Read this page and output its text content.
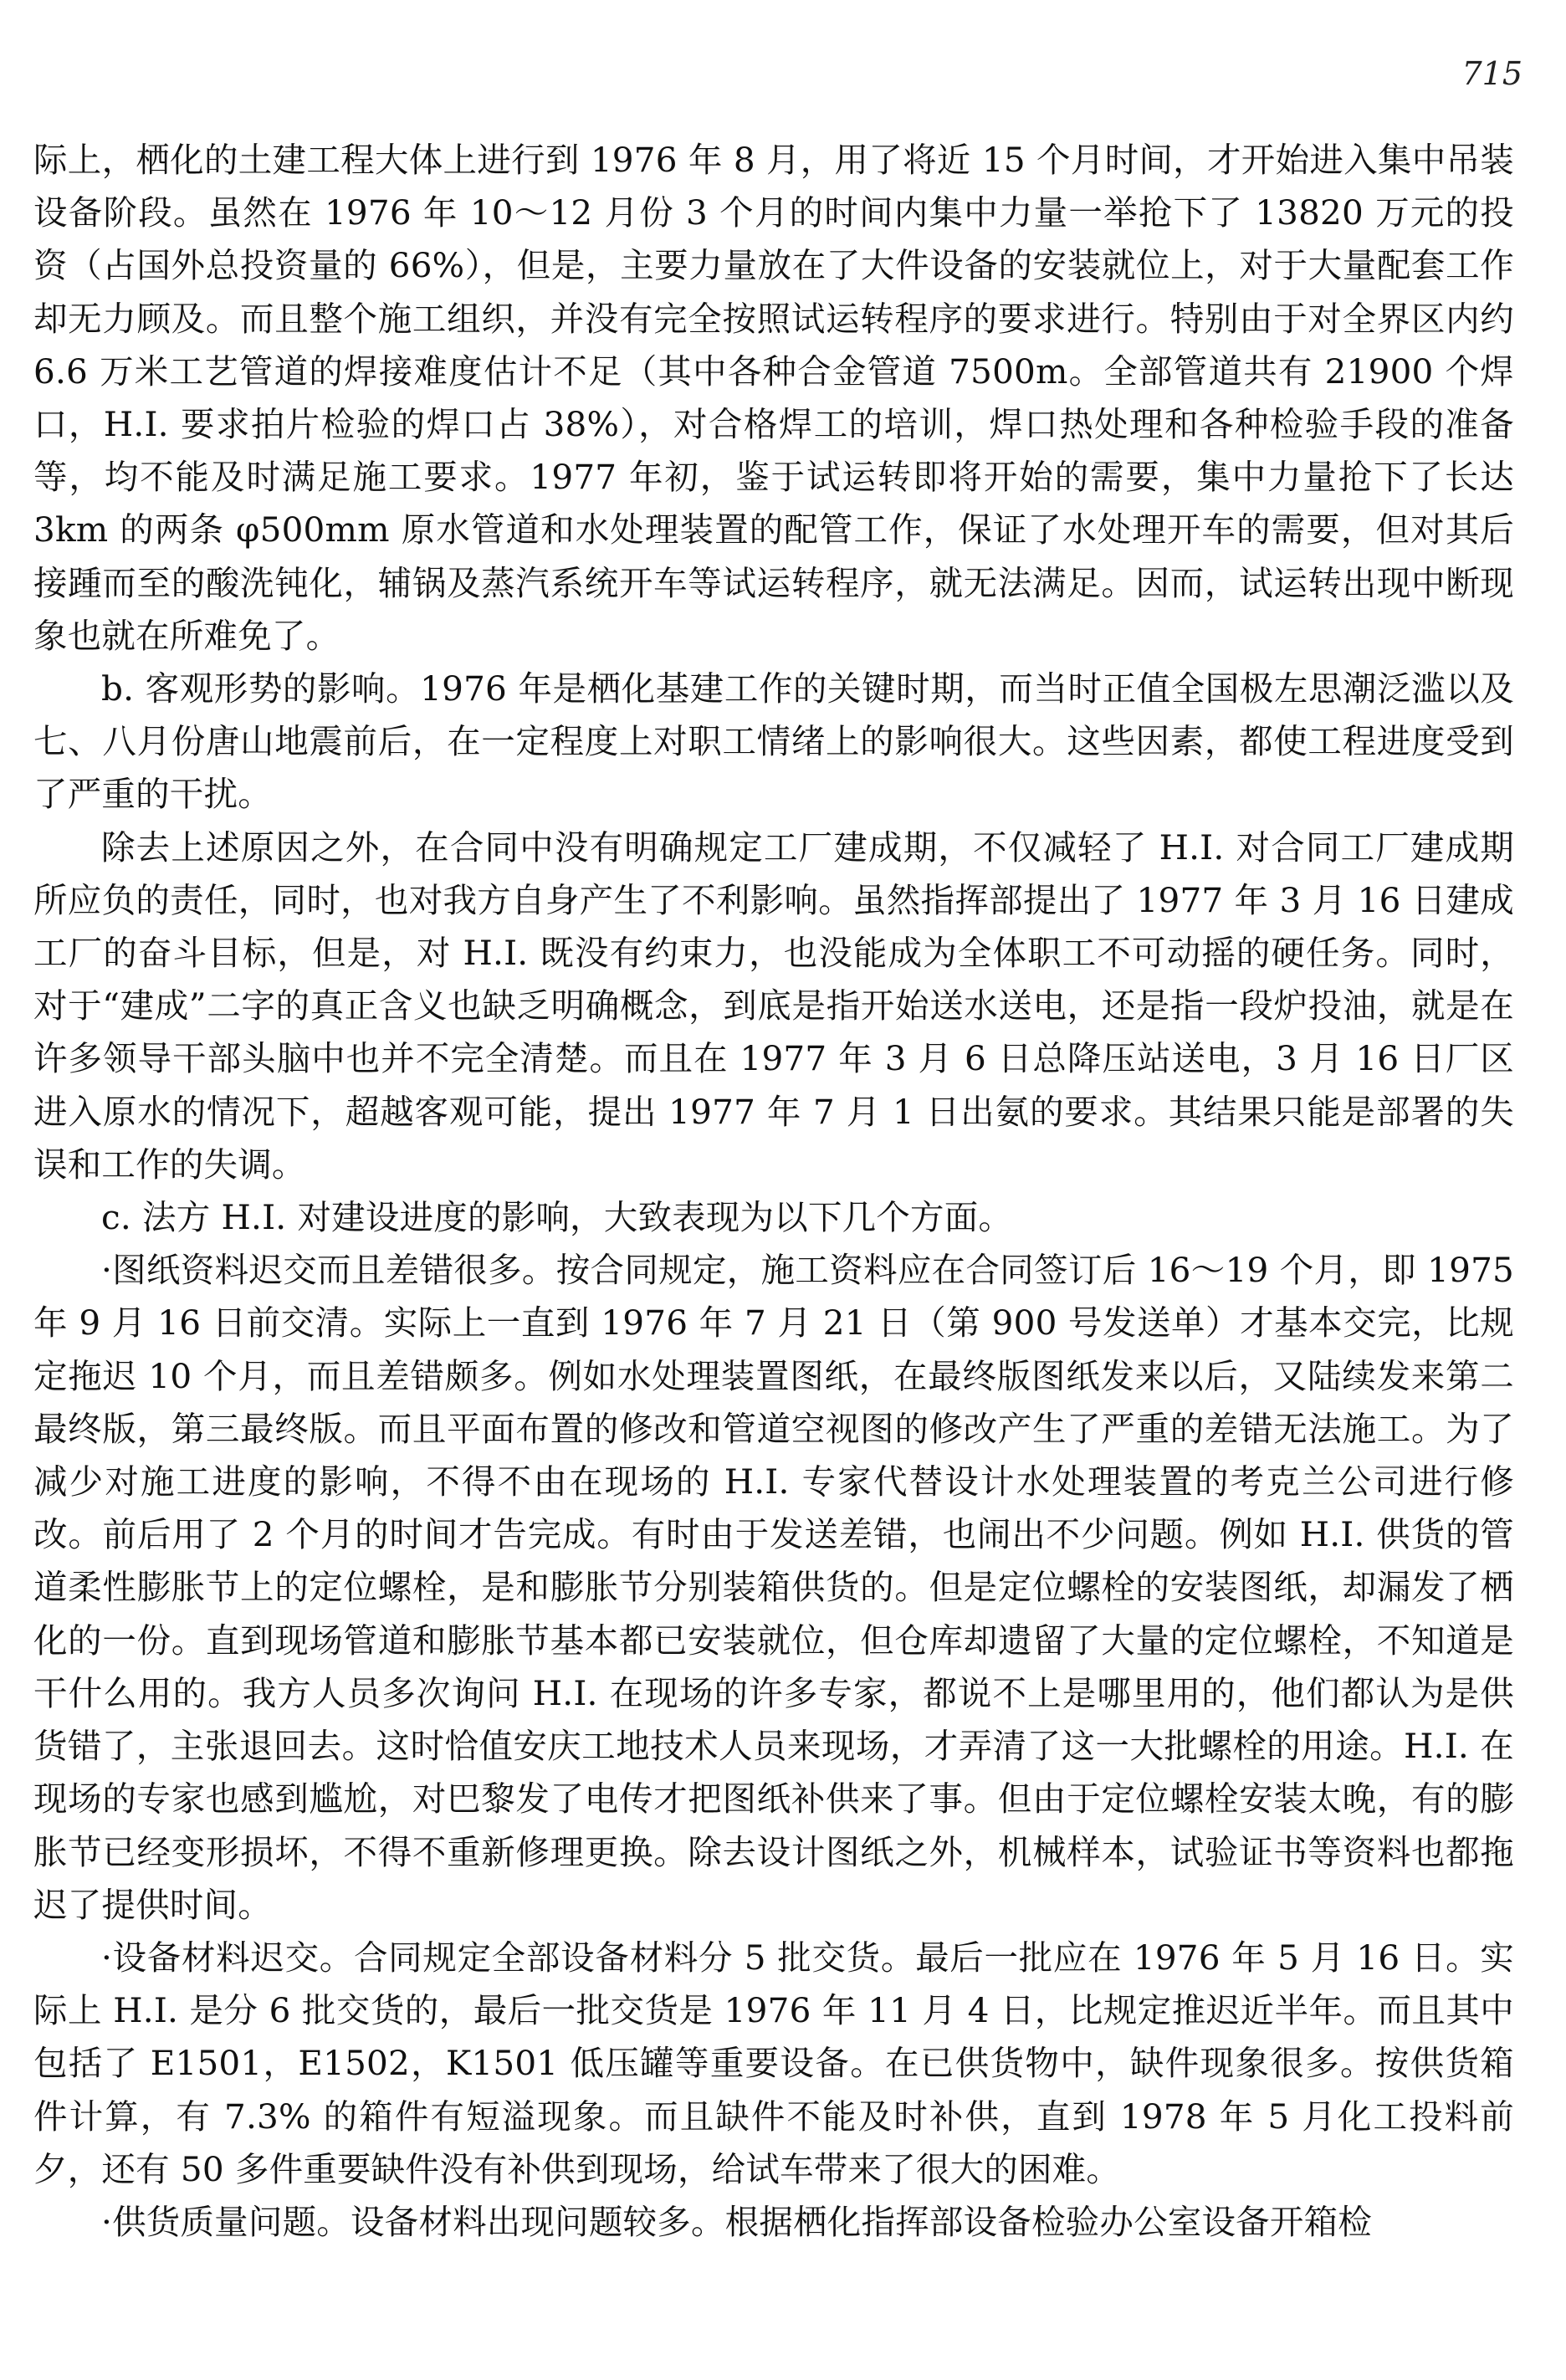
715

际上，栖化的土建工程大体上进行到 1976 年 8 月，用了将近 15 个月时间，才开始进入集中吊装设备阶段。虽然在 1976 年 10～12 月份 3 个月的时间内集中力量一举抢下了 13820 万元的投资（占国外总投资量的 66%），但是，主要力量放在了大件设备的安装就位上，对于大量配套工作却无力顾及。而且整个施工组织，并没有完全按照试运转程序的要求进行。特别由于对全界区内约 6.6 万米工艺管道的焊接难度估计不足（其中各种合金管道 7500m。全部管道共有 21900 个焊口，H.I. 要求拍片检验的焊口占 38%），对合格焊工的培训，焊口热处理和各种检验手段的准备等，均不能及时满足施工要求。1977 年初，鉴于试运转即将开始的需要，集中力量抢下了长达 3km 的两条 φ500mm 原水管道和水处理装置的配管工作，保证了水处理开车的需要，但对其后接踵而至的酸洗钝化，辅锅及蒸汽系统开车等试运转程序，就无法满足。因而，试运转出现中断现象也就在所难免了。

b. 客观形势的影响。1976 年是栖化基建工作的关键时期，而当时正值全国极左思潮泛滥以及七、八月份唐山地震前后，在一定程度上对职工情绪上的影响很大。这些因素，都使工程进度受到了严重的干扰。

除去上述原因之外，在合同中没有明确规定工厂建成期，不仅减轻了 H.I. 对合同工厂建成期所应负的责任，同时，也对我方自身产生了不利影响。虽然指挥部提出了 1977 年 3 月 16 日建成工厂的奋斗目标，但是，对 H.I. 既没有约束力，也没能成为全体职工不可动摇的硬任务。同时，对于“建成”二字的真正含义也缺乏明确概念，到底是指开始送水送电，还是指一段炉投油，就是在许多领导干部头脑中也并不完全清楚。而且在 1977 年 3 月 6 日总降压站送电，3 月 16 日厂区进入原水的情况下，超越客观可能，提出 1977 年 7 月 1 日出氨的要求。其结果只能是部署的失误和工作的失调。

c. 法方 H.I. 对建设进度的影响，大致表现为以下几个方面。

·图纸资料迟交而且差错很多。按合同规定，施工资料应在合同签订后 16～19 个月，即 1975 年 9 月 16 日前交清。实际上一直到 1976 年 7 月 21 日（第 900 号发送单）才基本交完，比规定拖迟 10 个月，而且差错颇多。例如水处理装置图纸，在最终版图纸发来以后，又陆续发来第二最终版，第三最终版。而且平面布置的修改和管道空视图的修改产生了严重的差错无法施工。为了减少对施工进度的影响，不得不由在现场的 H.I. 专家代替设计水处理装置的考克兰公司进行修改。前后用了 2 个月的时间才告完成。有时由于发送差错，也闹出不少问题。例如 H.I. 供货的管道柔性膨胀节上的定位螺栓，是和膨胀节分别装箱供货的。但是定位螺栓的安装图纸，却漏发了栖化的一份。直到现场管道和膨胀节基本都已安装就位，但仓库却遗留了大量的定位螺栓，不知道是干什么用的。我方人员多次询问 H.I. 在现场的许多专家，都说不上是哪里用的，他们都认为是供货错了，主张退回去。这时恰值安庆工地技术人员来现场，才弄清了这一大批螺栓的用途。H.I. 在现场的专家也感到尴尬，对巴黎发了电传才把图纸补供来了事。但由于定位螺栓安装太晚，有的膨胀节已经变形损坏，不得不重新修理更换。除去设计图纸之外，机械样本，试验证书等资料也都拖迟了提供时间。

·设备材料迟交。合同规定全部设备材料分 5 批交货。最后一批应在 1976 年 5 月 16 日。实际上 H.I. 是分 6 批交货的，最后一批交货是 1976 年 11 月 4 日，比规定推迟近半年。而且其中包括了 E1501，E1502，K1501 低压罐等重要设备。在已供货物中，缺件现象很多。按供货箱件计算，有 7.3% 的箱件有短溢现象。而且缺件不能及时补供，直到 1978 年 5 月化工投料前夕，还有 50 多件重要缺件没有补供到现场，给试车带来了很大的困难。

·供货质量问题。设备材料出现问题较多。根据栖化指挥部设备检验办公室设备开箱检
